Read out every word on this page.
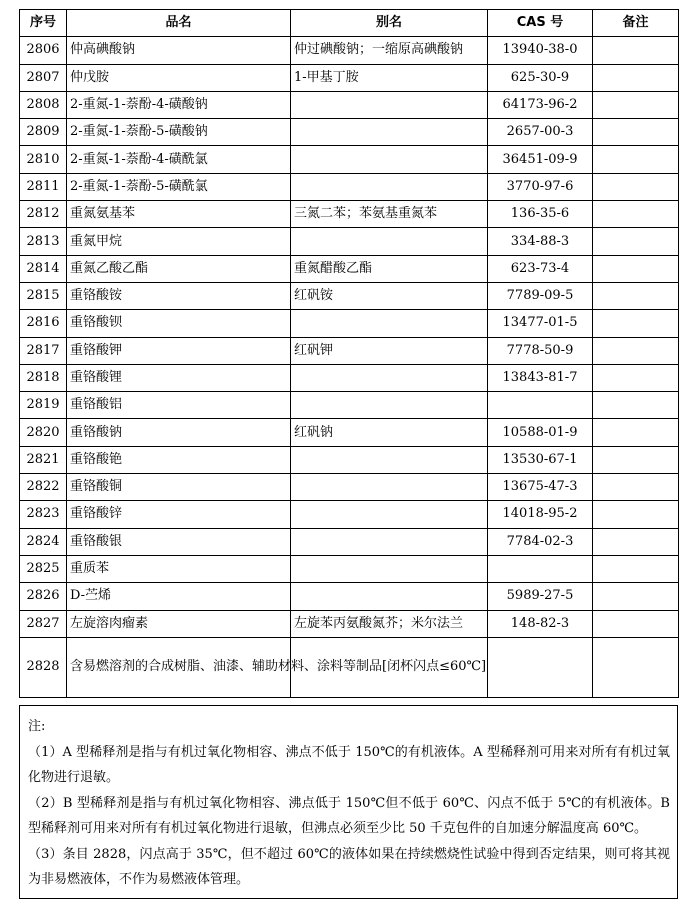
序号	品名	别名	CAS 号	备注
2806	仲高碘酸钠	仲过碘酸钠；一缩原高碘酸钠	13940-38-0	
2807	仲戊胺	1-甲基丁胺	625-30-9	
2808	2-重氮-1-萘酚-4-磺酸钠		64173-96-2	
2809	2-重氮-1-萘酚-5-磺酸钠		2657-00-3	
2810	2-重氮-1-萘酚-4-磺酰氯		36451-09-9	
2811	2-重氮-1-萘酚-5-磺酰氯		3770-97-6	
2812	重氮氨基苯	三氮二苯；苯氨基重氮苯	136-35-6	
2813	重氮甲烷		334-88-3	
2814	重氮乙酸乙酯	重氮醋酸乙酯	623-73-4	
2815	重铬酸铵	红矾铵	7789-09-5	
2816	重铬酸钡		13477-01-5	
2817	重铬酸钾	红矾钾	7778-50-9	
2818	重铬酸锂		13843-81-7	
2819	重铬酸铝			
2820	重铬酸钠	红矾钠	10588-01-9	
2821	重铬酸铯		13530-67-1	
2822	重铬酸铜		13675-47-3	
2823	重铬酸锌		14018-95-2	
2824	重铬酸银		7784-02-3	
2825	重质苯			
2826	D-苎烯		5989-27-5	
2827	左旋溶肉瘤素	左旋苯丙氨酸氮芥；米尔法兰	148-82-3	
2828	含易燃溶剂的合成树脂、油漆、辅助材料、涂料等制品[闭杯闪点≤60℃]			

注:

（1）A 型稀释剂是指与有机过氧化物相容、沸点不低于 150℃的有机液体。A 型稀释剂可用来对所有有机过氧化物进行退敏。

（2）B 型稀释剂是指与有机过氧化物相容、沸点低于 150℃但不低于 60℃、闪点不低于 5℃的有机液体。B 型稀释剂可用来对所有有机过氧化物进行退敏，但沸点必须至少比 50 千克包件的自加速分解温度高 60℃。

（3）条目 2828，闪点高于 35℃，但不超过 60℃的液体如果在持续燃烧性试验中得到否定结果，则可将其视为非易燃液体，不作为易燃液体管理。
